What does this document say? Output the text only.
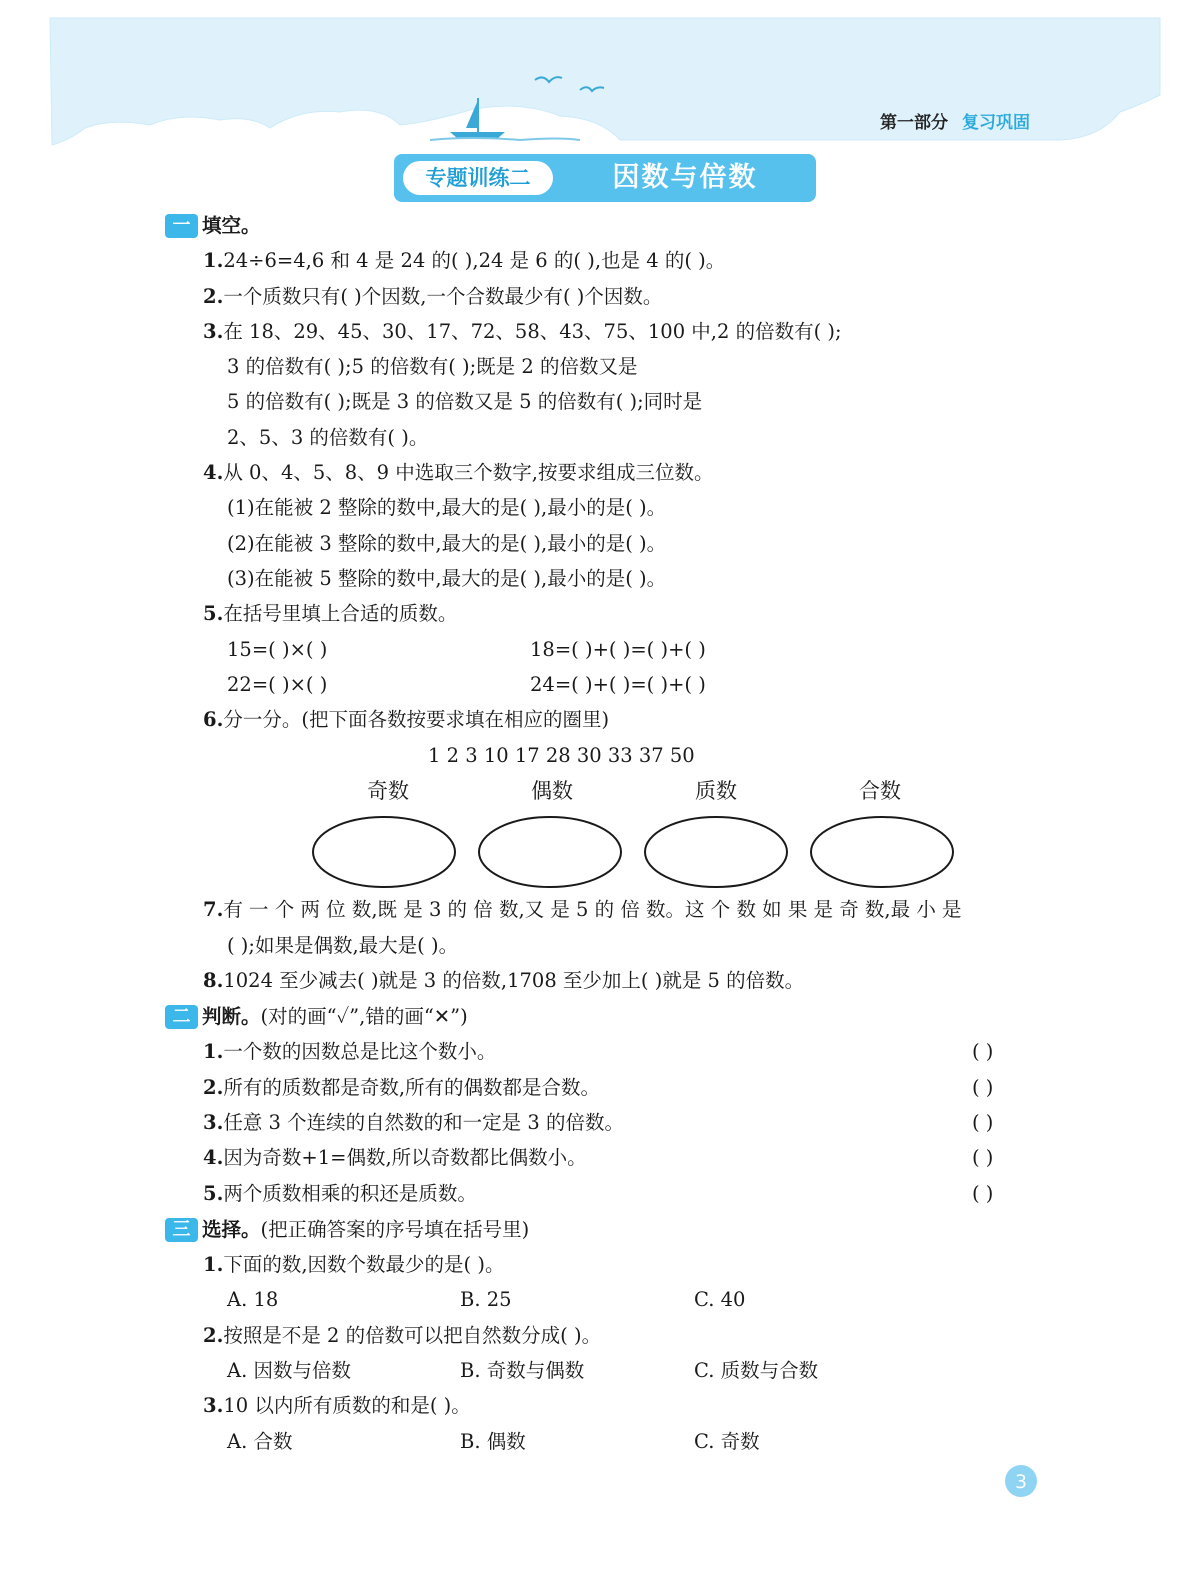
第一部分 复习巩固
专题训练二	因数与倍数
一 填空。
1.24÷6=4,6 和 4 是 24 的( ),24 是 6 的( ),也是 4 的( )。
2.一个质数只有( )个因数,一个合数最少有( )个因数。
3.在 18、29、45、30、17、72、58、43、75、100 中,2 的倍数有( );
3 的倍数有( );5 的倍数有( );既是 2 的倍数又是
5 的倍数有( );既是 3 的倍数又是 5 的倍数有( );同时是
2、5、3 的倍数有( )。
4.从 0、4、5、8、9 中选取三个数字,按要求组成三位数。
(1)在能被 2 整除的数中,最大的是( ),最小的是( )。
(2)在能被 3 整除的数中,最大的是( ),最小的是( )。
(3)在能被 5 整除的数中,最大的是( ),最小的是( )。
5.在括号里填上合适的质数。
15=( )×( )	18=( )+( )=( )+( )
22=( )×( )	24=( )+( )=( )+( )
6.分一分。(把下面各数按要求填在相应的圈里)
1 2 3 10 17 28 30 33 37 50
奇数	偶数	质数	合数
7.有 一 个 两 位 数,既 是 3 的 倍 数,又 是 5 的 倍 数。这 个 数 如 果 是 奇 数,最 小 是
( );如果是偶数,最大是( )。
8.1024 至少减去( )就是 3 的倍数,1708 至少加上( )就是 5 的倍数。
二 判断。(对的画“✓”,错的画“✕”)
1.一个数的因数总是比这个数小。	( )
2.所有的质数都是奇数,所有的偶数都是合数。	( )
3.任意 3 个连续的自然数的和一定是 3 的倍数。	( )
4.因为奇数+1=偶数,所以奇数都比偶数小。	( )
5.两个质数相乘的积还是质数。	( )
三 选择。(把正确答案的序号填在括号里)
1.下面的数,因数个数最少的是( )。
A. 18	B. 25	C. 40
2.按照是不是 2 的倍数可以把自然数分成( )。
A. 因数与倍数	B. 奇数与偶数	C. 质数与合数
3.10 以内所有质数的和是( )。
A. 合数	B. 偶数	C. 奇数
3
